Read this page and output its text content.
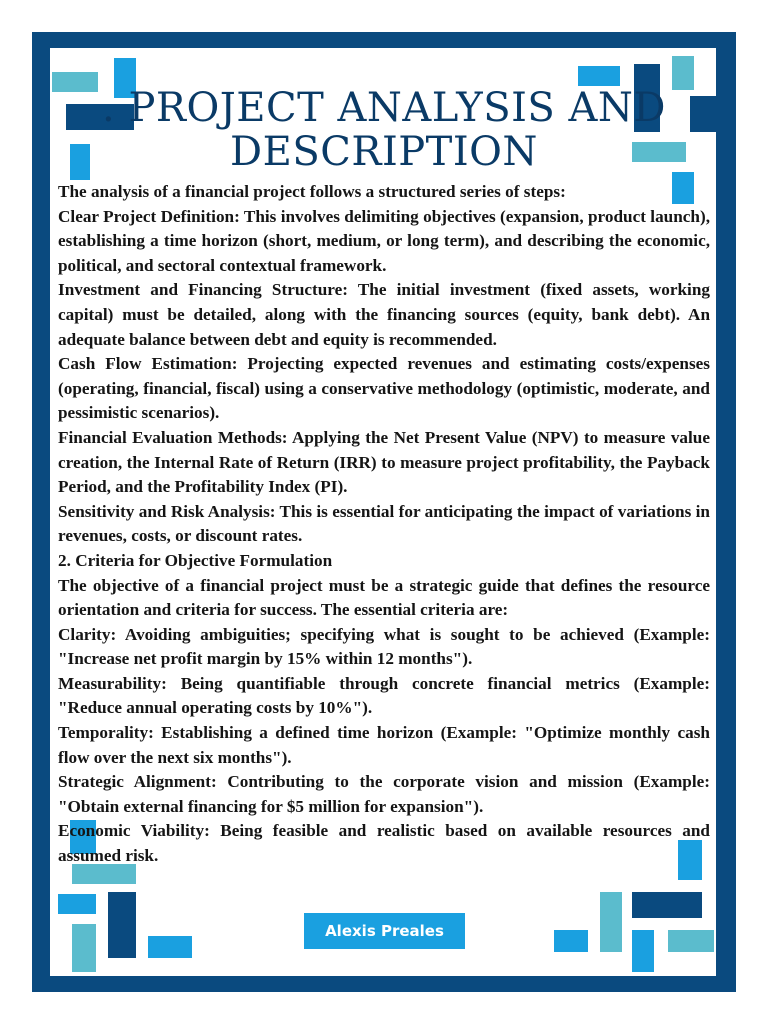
. PROJECT ANALYSIS AND DESCRIPTION

The analysis of a financial project follows a structured series of steps:

Clear Project Definition: This involves delimiting objectives (expansion, product launch), establishing a time horizon (short, medium, or long term), and describing the economic, political, and sectoral contextual framework.

Investment and Financing Structure: The initial investment (fixed assets, working capital) must be detailed, along with the financing sources (equity, bank debt). An adequate balance between debt and equity is recommended.

Cash Flow Estimation: Projecting expected revenues and estimating costs/expenses (operating, financial, fiscal) using a conservative methodology (optimistic, moderate, and pessimistic scenarios).

Financial Evaluation Methods: Applying the Net Present Value (NPV) to measure value creation, the Internal Rate of Return (IRR) to measure project profitability, the Payback Period, and the Profitability Index (PI).

Sensitivity and Risk Analysis: This is essential for anticipating the impact of variations in revenues, costs, or discount rates.

2. Criteria for Objective Formulation

The objective of a financial project must be a strategic guide that defines the resource orientation and criteria for success. The essential criteria are:

Clarity: Avoiding ambiguities; specifying what is sought to be achieved (Example: "Increase net profit margin by 15% within 12 months").

Measurability: Being quantifiable through concrete financial metrics (Example: "Reduce annual operating costs by 10%").

Temporality: Establishing a defined time horizon (Example: "Optimize monthly cash flow over the next six months").

Strategic Alignment: Contributing to the corporate vision and mission (Example: "Obtain external financing for $5 million for expansion").

Economic Viability: Being feasible and realistic based on available resources and assumed risk.

Alexis Preales
